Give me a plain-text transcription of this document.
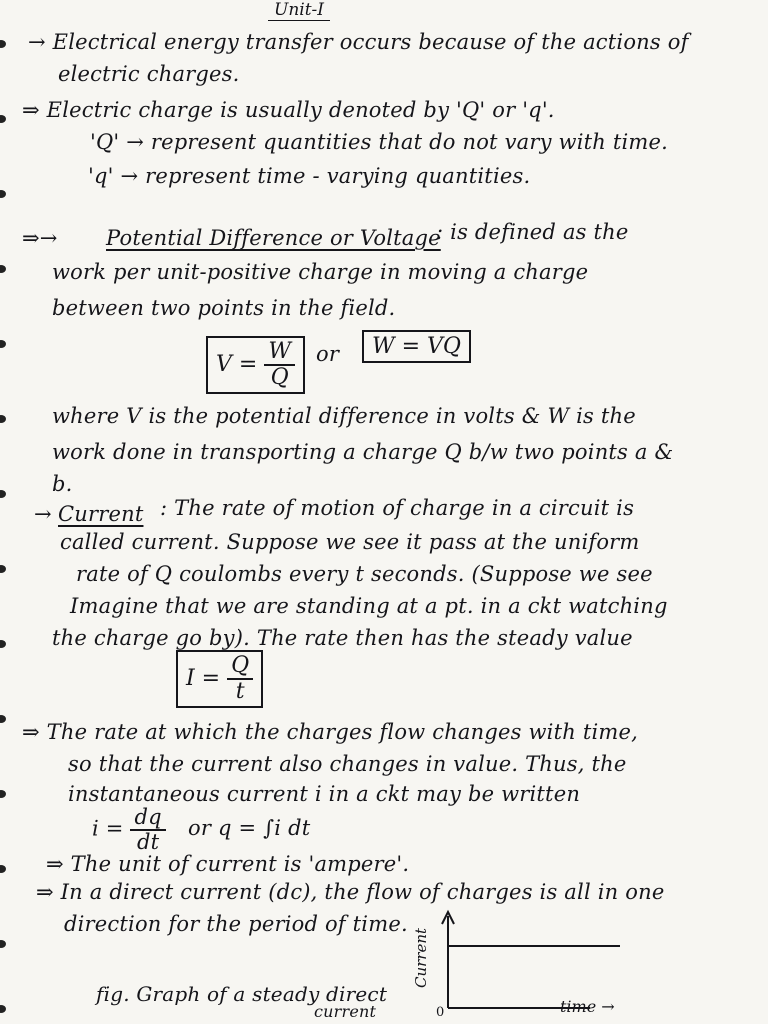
Unit-I
→ Electrical energy transfer occurs because of the actions of
electric charges.
⇒ Electric charge is usually denoted by 'Q' or 'q'.
'Q' → represent quantities that do not vary with time.
'q' → represent time - varying quantities.
⇒→ Potential Difference or Voltage
: is defined as the
work per unit-positive charge in moving a charge
between two points in the field.
$V = \frac{W}{Q}$ or	W = VQ
where V is the potential difference in volts & W is the
work done in transporting a charge Q b/w two points a &
b.
→ Current : The rate of motion of charge in a circuit is
called current. Suppose we see it pass at the uniform
rate of Q coulombs every t seconds. (Suppose we see
Imagine that we are standing at a pt. in a ckt watching
the charge go by). The rate then has the steady value
$I = \frac{Q}{t}$
⇒ The rate at which the charges flow changes with time,
so that the current also changes in value. Thus, the
instantaneous current i in a ckt may be written
$i = \frac{dq}{dt}$ or q = ∫i dt
⇒ The unit of current is 'ampere'.
⇒ In a direct current (dc), the flow of charges is all in one
direction for the period of time.
fig. Graph of a steady direct
current
Current
0	time →
